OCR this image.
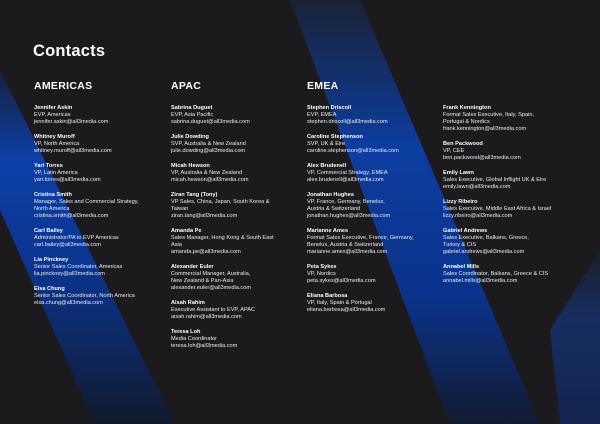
Contacts
AMERICAS
Jennifer Askin
EVP, Americas
jennifer.askin@all3media.com
Whitney Muroff
VP, North America
whitney.muroff@all3media.com
Yari Torres
VP, Latin America
yari.torres@all3media.com
Cristina Smith
Manager, Sales and Commercial Strategy,
North America
cristina.smith@all3media.com
Carl Bailey
Administrator/PA to EVP Americas
carl.bailey@all3media.com
Lia Pinckney
Senior Sales Coordinator, Americas
lia.pinckney@all3media.com
Elsa Chung
Senior Sales Coordinator, North America
elsa.chung@all3media.com
APAC
Sabrina Duguet
EVP, Asia Pacific
sabrina.duguet@all3media.com
Julie Dowding
SVP, Australia & New Zealand
julie.dowding@all3media.com
Micah Hewson
VP, Australia & New Zealand
micah.hewson@all3media.com
Ziran Tang (Tony)
VP Sales, China, Japan, South Korea &
Taiwan
ziran.tang@all3media.com
Amanda Pe
Sales Manager, Hong Kong & South East
Asia
amanda.pe@all3media.com
Alexander Euler
Commercial Manager, Australia,
New Zealand & Pan-Asia
alexander.euler@all3media.com
Aisah Rahim
Executive Assistant to EVP, APAC
aisah.rahim@all3media.com
Teresa Loh
Media Coordinator
teresa.loh@all3media.com
EMEA
Stephen Driscoll
EVP, EMEA
stephen.driscoll@all3media.com
Caroline Stephenson
SVP, UK & Eire
caroline.stephenson@all3media.com
Alex Brudenell
VP, Commercial Strategy, EMEA
alex.brudenell@all3media.com
Jonathan Hughes
VP, France, Germany, Benelux,
Austria & Switzerland
jonathan.hughes@all3media.com
Marianne Ames
Format Sales Executive, France, Germany,
Benelux, Austria & Switzerland
marianne.ames@all3media.com
Peta Sykes
VP, Nordics
peta.sykes@all3media.com
Eliana Barbosa
VP, Italy, Spain & Portugal
eliana.barbosa@all3media.com
Frank Kennington
Format Sales Executive, Italy, Spain,
Portugal & Nordics
frank.kennington@all3media.com
Ben Packwood
VP, CEE
ben.packwood@all3media.com
Emily Lawn
Sales Executive, Global Inflight UK & Eire
emily.lawn@all3media.com
Lizzy Ribeiro
Sales Executive, Middle East Africa & Israel
lizzy.ribeiro@all3media.com
Gabriel Andrews
Sales Executive, Balkans, Greece,
Turkey & CIS
gabriel.andrews@all3media.com
Annabel Mills
Sales Coordinator, Balkans, Greece & CIS
annabel.mills@all3media.com
